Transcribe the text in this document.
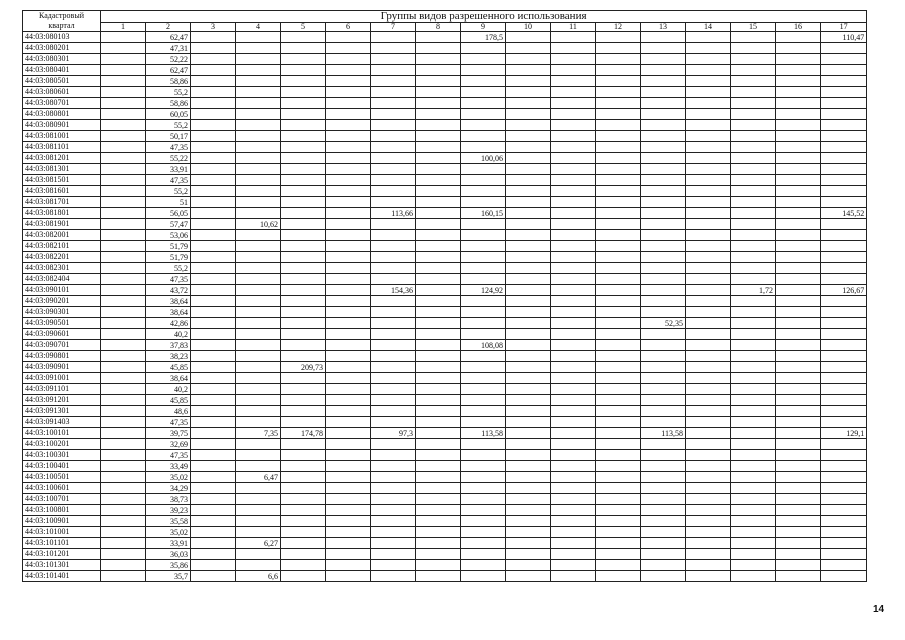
Кадастровый квартал	Группы видов разрешенного использования																
	1	2	3	4	5	6	7	8	9	10	11	12	13	14	15	16	17
44:03:080103		62,47							178,5								110,47
44:03:080201		47,31															
44:03:080301		52,22															
44:03:080401		62,47															
44:03:080501		58,86															
44:03:080601		55,2															
44:03:080701		58,86															
44:03:080801		60,05															
44:03:080901		55,2															
44:03:081001		50,17															
44:03:081101		47,35															
44:03:081201		55,22							100,06								
44:03:081301		33,91															
44:03:081501		47,35															
44:03:081601		55,2															
44:03:081701		51															
44:03:081801		56,05					113,66		160,15								145,52
44:03:081901		57,47		10,62													
44:03:082001		53,06															
44:03:082101		51,79															
44:03:082201		51,79															
44:03:082301		55,2															
44:03:082404		47,35															
44:03:090101		43,72					154,36		124,92						1,72		126,67
44:03:090201		38,64															
44:03:090301		38,64															
44:03:090501		42,86											52,35				
44:03:090601		40,2															
44:03:090701		37,83							108,08								
44:03:090801		38,23															
44:03:090901		45,85			209,73												
44:03:091001		38,64															
44:03:091101		40,2															
44:03:091201		45,85															
44:03:091301		48,6															
44:03:091403		47,35															
44:03:100101		39,75		7,35	174,78		97,3		113,58				113,58				129,1
44:03:100201		32,69															
44:03:100301		47,35															
44:03:100401		33,49															
44:03:100501		35,02		6,47													
44:03:100601		34,29															
44:03:100701		38,73															
44:03:100801		39,23															
44:03:100901		35,58															
44:03:101001		35,02															
44:03:101101		33,91		6,27													
44:03:101201		36,03															
44:03:101301		35,86															
44:03:101401		35,7		6,6													
14
